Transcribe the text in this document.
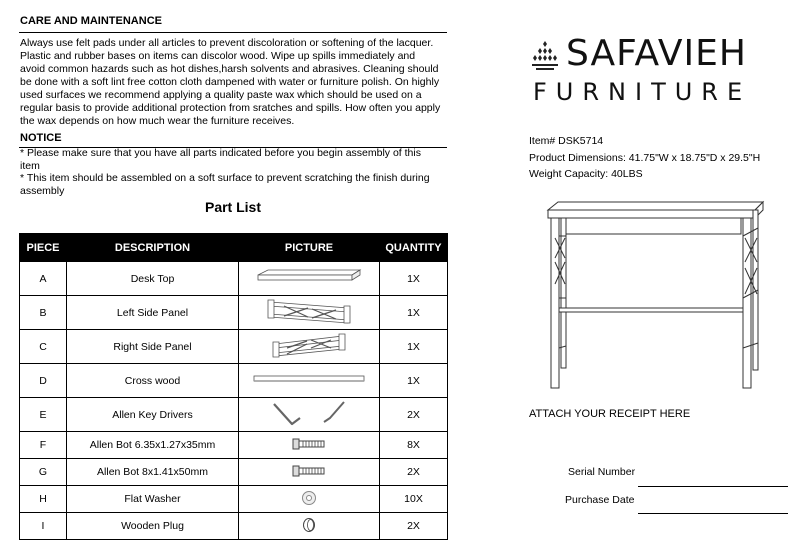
CARE AND MAINTENANCE
Always use felt pads under all articles to prevent discoloration or softening of the lacquer.
Plastic and rubber bases on items can discolor wood. Wipe up spills immediately and
avoid common hazards such as hot dishes,harsh solvents and abrasives. Cleaning should
be done with a soft lint free cotton cloth dampened with water or furniture polish. On highly
used surfaces we recommend applying a quality paste wax which should be used on a
regular basis to provide additional protection from sratches and spills. How often you apply
the wax depends on how much wear the furniture receives.
NOTICE
* Please make sure that you have all parts indicated before you begin assembly of this
item
* This item should be assembled on a soft surface to prevent scratching the finish during
assembly
Part List
PIECE	DESCRIPTION	PICTURE	QUANTITY
A	Desk Top		1X
B	Left Side Panel		1X
C	Right Side Panel		1X
D	Cross wood		1X
E	Allen Key Drivers		2X
F	Allen Bot 6.35x1.27x35mm		8X
G	Allen Bot 8x1.41x50mm		2X
H	Flat Washer		10X
I	Wooden Plug		2X
SAFAVIEH
FURNITURE
Item# DSK5714
Product Dimensions: 41.75"W x 18.75"D x 29.5"H
Weight Capacity: 40LBS
ATTACH YOUR RECEIPT HERE
Serial Number
Purchase Date
